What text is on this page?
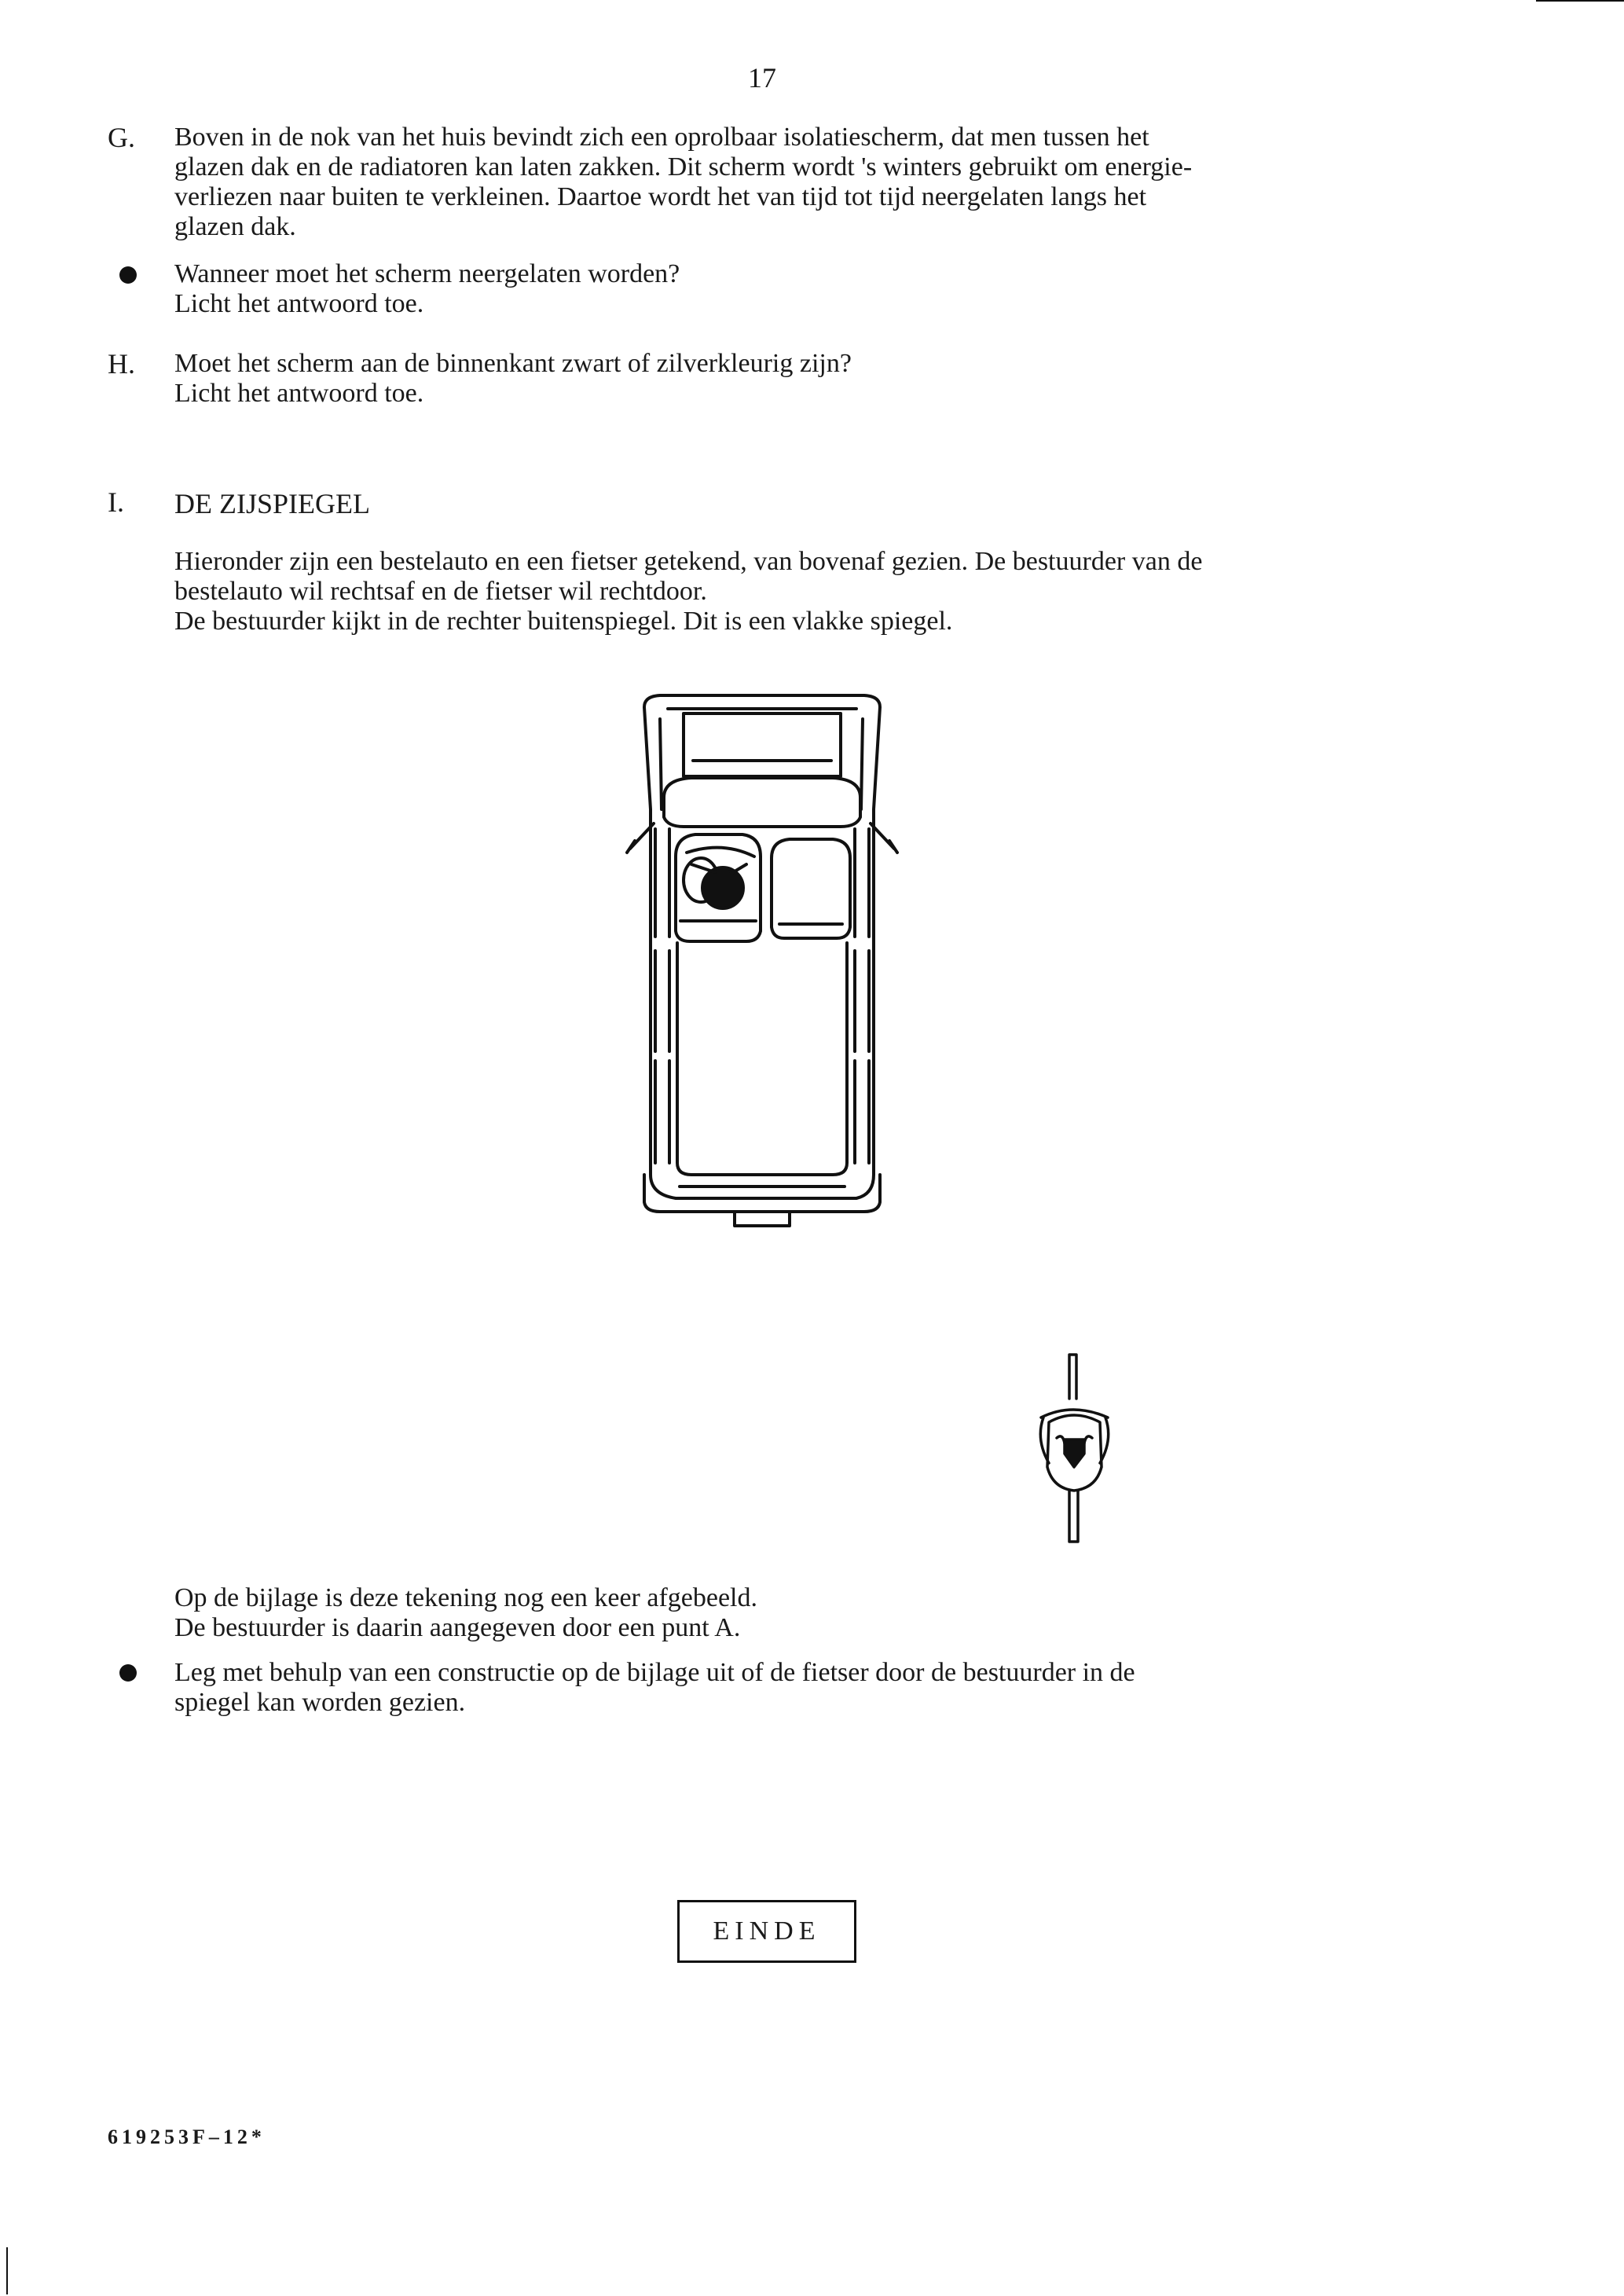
17
G. Boven in de nok van het huis bevindt zich een oprolbaar isolatiescherm, dat men tussen het

glazen dak en de radiatoren kan laten zakken. Dit scherm wordt 's winters gebruikt om energie-

verliezen naar buiten te verkleinen. Daartoe wordt het van tijd tot tijd neergelaten langs het

glazen dak.

Wanneer moet het scherm neergelaten worden?

Licht het antwoord toe.

H. Moet het scherm aan de binnenkant zwart of zilverkleurig zijn?

Licht het antwoord toe.

I. DE ZIJSPIEGEL

Hieronder zijn een bestelauto en een fietser getekend, van bovenaf gezien. De bestuurder van de

bestelauto wil rechtsaf en de fietser wil rechtdoor.

De bestuurder kijkt in de rechter buitenspiegel. Dit is een vlakke spiegel.

Op de bijlage is deze tekening nog een keer afgebeeld.

De bestuurder is daarin aangegeven door een punt A.

Leg met behulp van een constructie op de bijlage uit of de fietser door de bestuurder in de

spiegel kan worden gezien.

EINDE
619253F–12*
